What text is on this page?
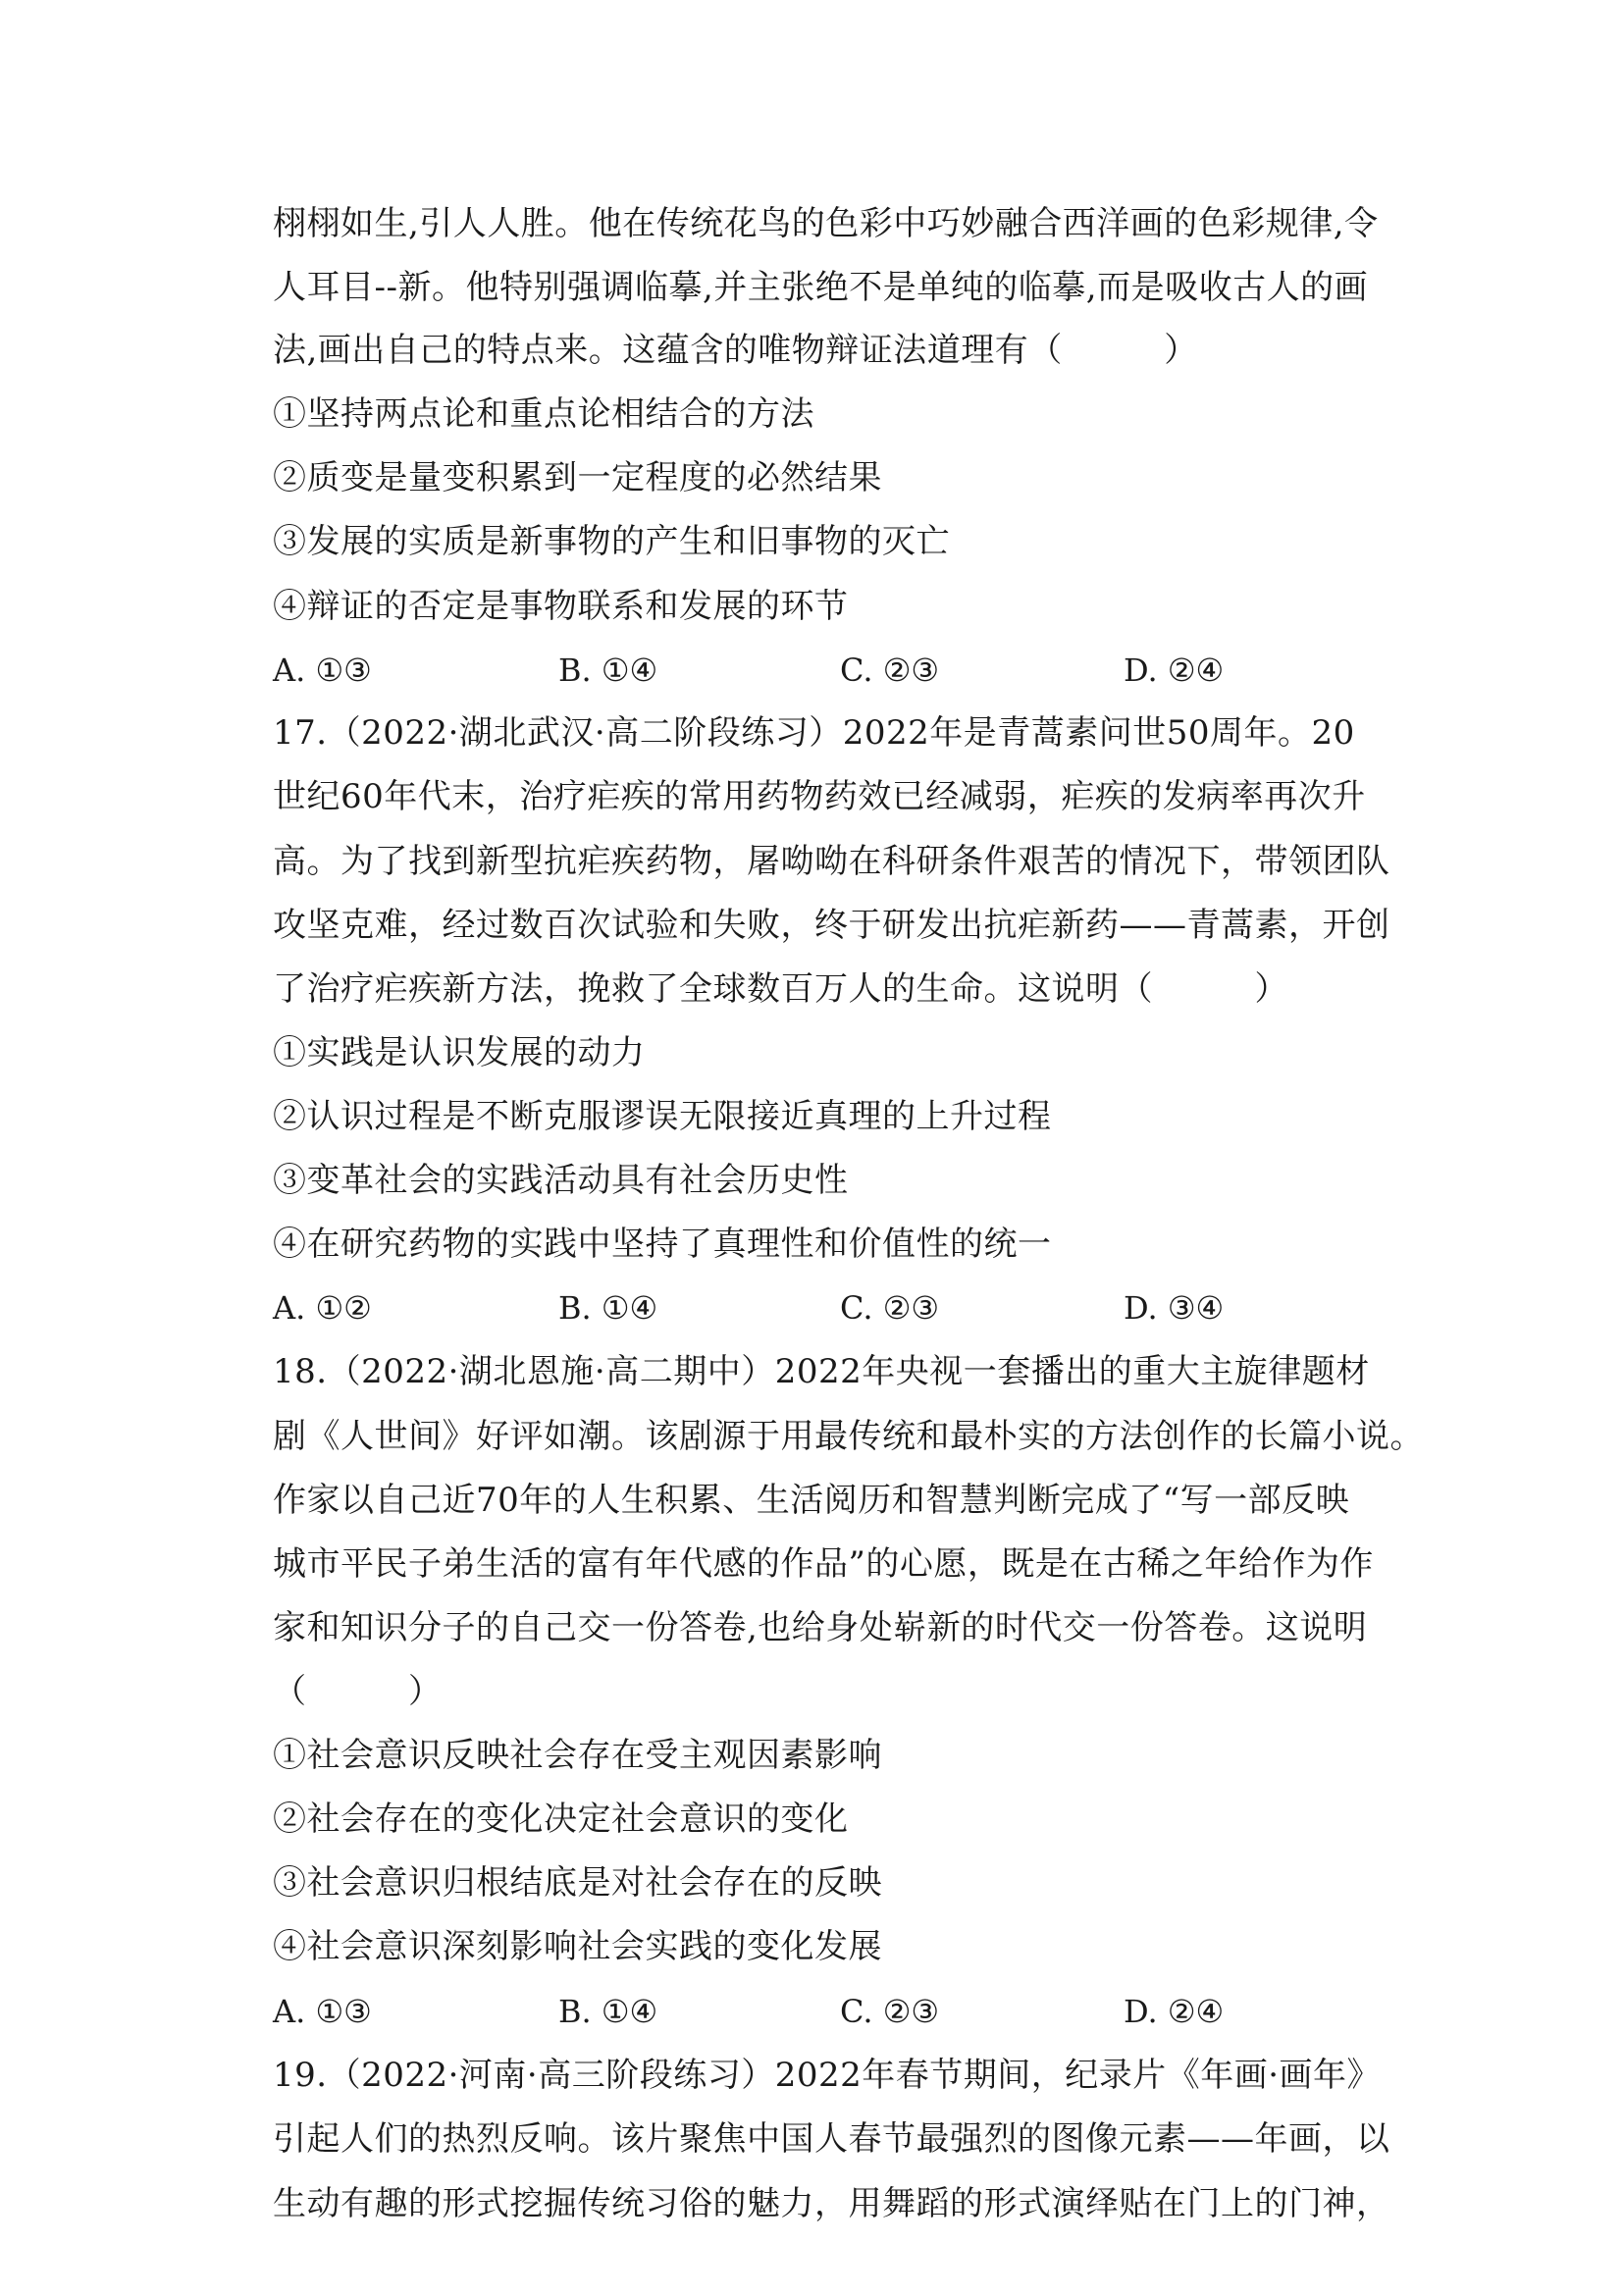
栩栩如生,引人人胜。他在传统花鸟的色彩中巧妙融合西洋画的色彩规律,令
人耳目--新。他特别强调临摹,并主张绝不是单纯的临摹,而是吸收古人的画
法,画出自己的特点来。这蕴含的唯物辩证法道理有（　　　）
①坚持两点论和重点论相结合的方法
②质变是量变积累到一定程度的必然结果
③发展的实质是新事物的产生和旧事物的灭亡
④辩证的否定是事物联系和发展的环节
A. ①③	B. ①④	C. ②③	D. ②④
17.（2022·湖北武汉·高二阶段练习）2022年是青蒿素问世50周年。20
世纪60年代末，治疗疟疾的常用药物药效已经减弱，疟疾的发病率再次升
高。为了找到新型抗疟疾药物，屠呦呦在科研条件艰苦的情况下，带领团队
攻坚克难，经过数百次试验和失败，终于研发出抗疟新药——青蒿素，开创
了治疗疟疾新方法，挽救了全球数百万人的生命。这说明（　　　）
①实践是认识发展的动力
②认识过程是不断克服谬误无限接近真理的上升过程
③变革社会的实践活动具有社会历史性
④在研究药物的实践中坚持了真理性和价值性的统一
A. ①②	B. ①④	C. ②③	D. ③④
18.（2022·湖北恩施·高二期中）2022年央视一套播出的重大主旋律题材
剧《人世间》好评如潮。该剧源于用最传统和最朴实的方法创作的长篇小说。
作家以自己近70年的人生积累、生活阅历和智慧判断完成了“写一部反映
城市平民子弟生活的富有年代感的作品”的心愿，既是在古稀之年给作为作
家和知识分子的自己交一份答卷,也给身处崭新的时代交一份答卷。这说明
（　　　）
①社会意识反映社会存在受主观因素影响
②社会存在的变化决定社会意识的变化
③社会意识归根结底是对社会存在的反映
④社会意识深刻影响社会实践的变化发展
A. ①③	B. ①④	C. ②③	D. ②④
19.（2022·河南·高三阶段练习）2022年春节期间，纪录片《年画·画年》
引起人们的热烈反响。该片聚焦中国人春节最强烈的图像元素——年画，以
生动有趣的形式挖掘传统习俗的魅力，用舞蹈的形式演绎贴在门上的门神，
